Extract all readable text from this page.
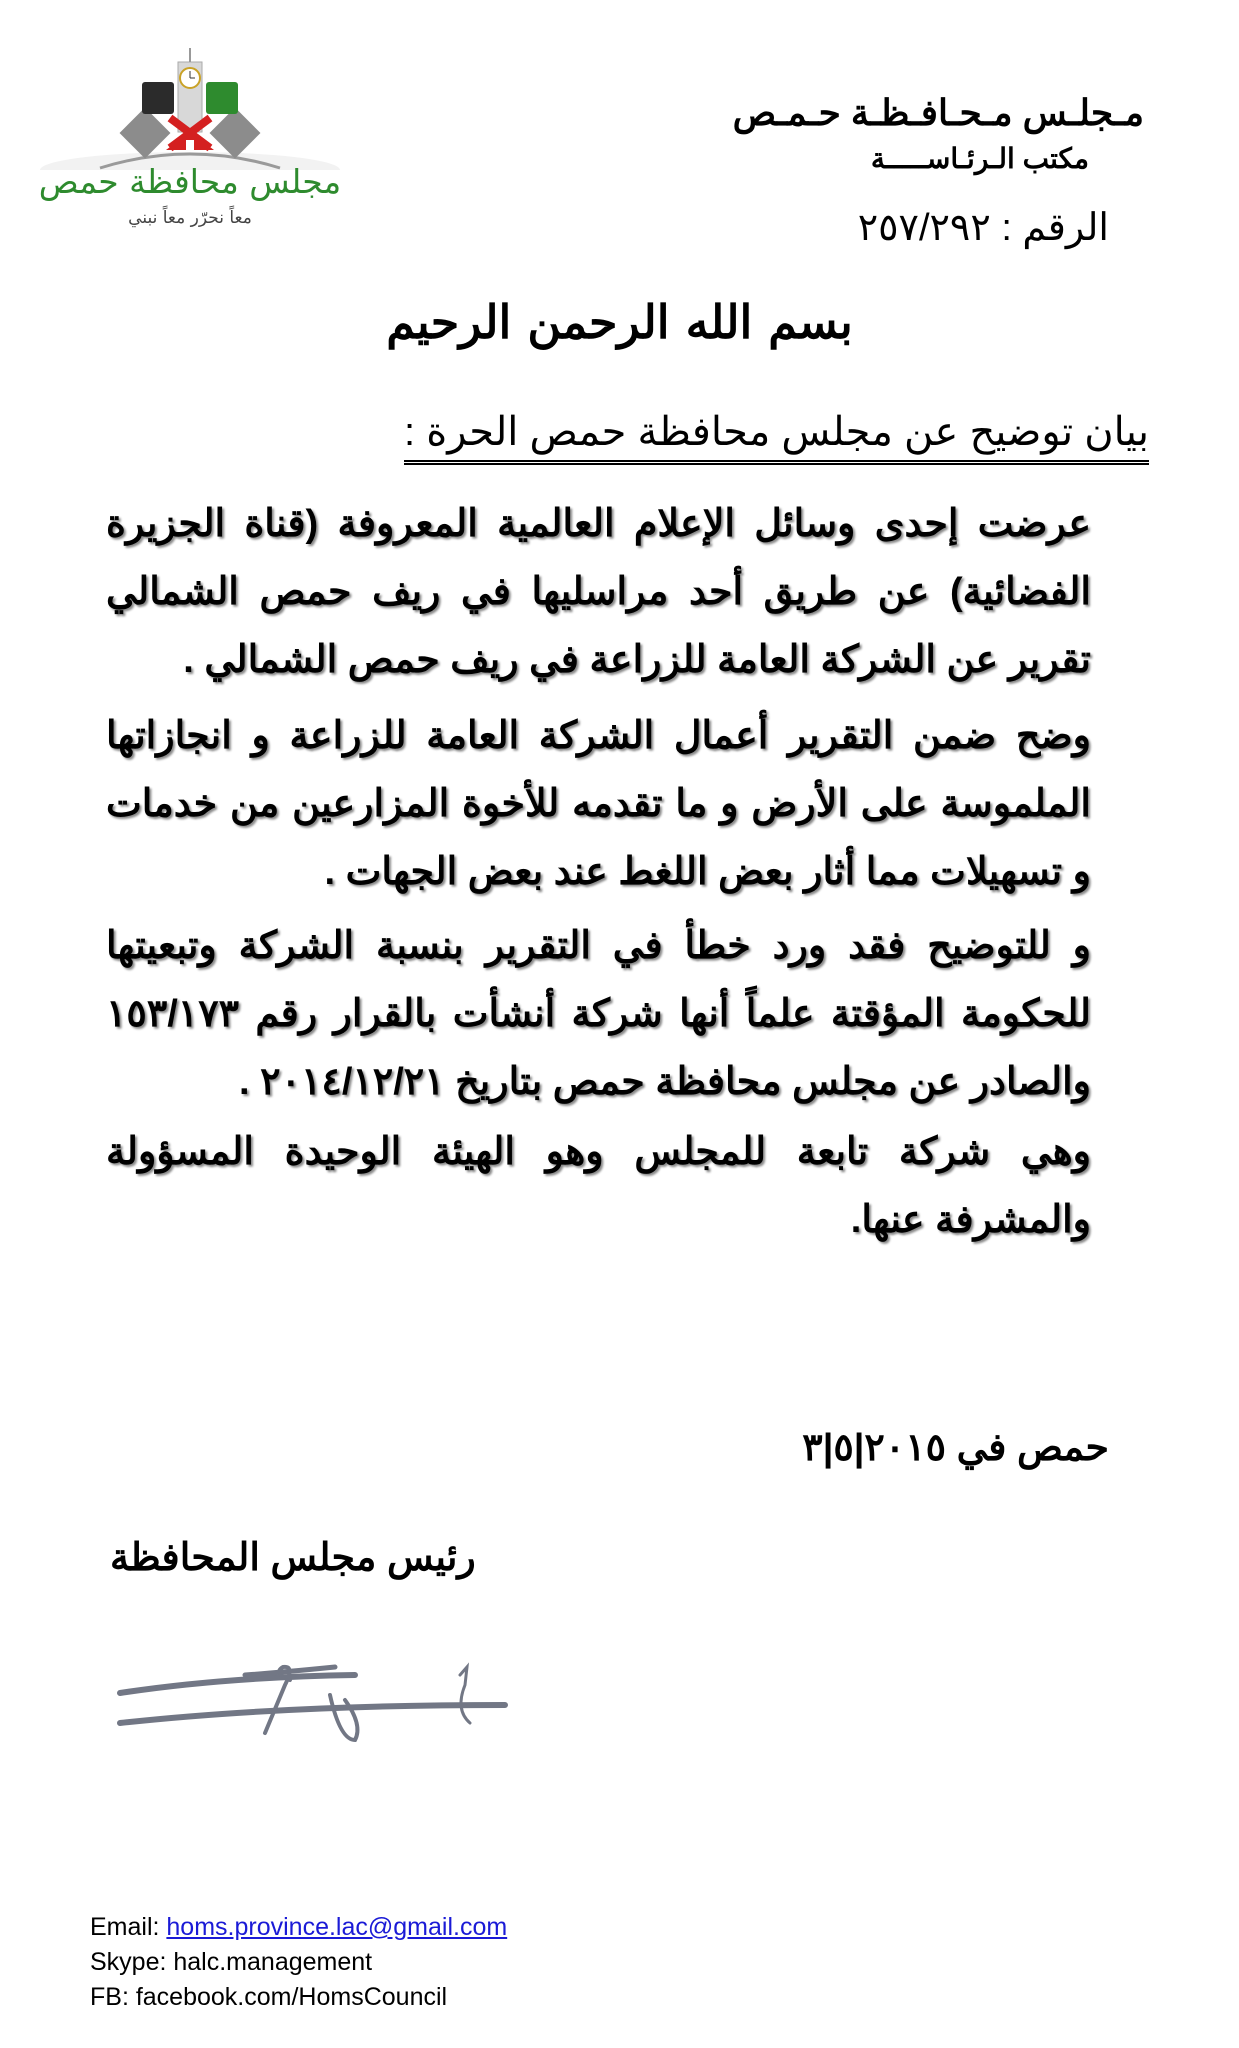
مجلس محافظة حمص
معاً نحرّر معاً نبني
مـجلـس مـحـافـظـة حـمـص
مكتب الـرئـاســـــة
الرقم : ٢٥٧/٢٩٢
بسم الله الرحمن الرحيم
بيان توضيح عن مجلس محافظة حمص الحرة :
عرضت إحدى وسائل الإعلام العالمية المعروفة (قناة الجزيرة الفضائية) عن طريق أحد مراسليها في ريف حمص الشمالي تقرير عن الشركة العامة للزراعة في ريف حمص الشمالي .
وضح ضمن التقرير أعمال الشركة العامة للزراعة و انجازاتها الملموسة على الأرض و ما تقدمه للأخوة المزارعين من خدمات و تسهيلات مما أثار بعض اللغط عند بعض الجهات .
و للتوضيح فقد ورد خطأ في التقرير بنسبة الشركة وتبعيتها للحكومة المؤقتة علماً أنها شركة أنشأت بالقرار رقم ١٥٣/١٧٣ والصادر عن مجلس محافظة حمص بتاريخ ٢٠١٤/١٢/٢١ .
وهي شركة تابعة للمجلس وهو الهيئة الوحيدة المسؤولة والمشرفة عنها.
حمص في ٢٠١٥|٥|٣
رئيس مجلس المحافظة
Email: homs.province.lac@gmail.com
Skype: halc.management
FB: facebook.com/HomsCouncil
